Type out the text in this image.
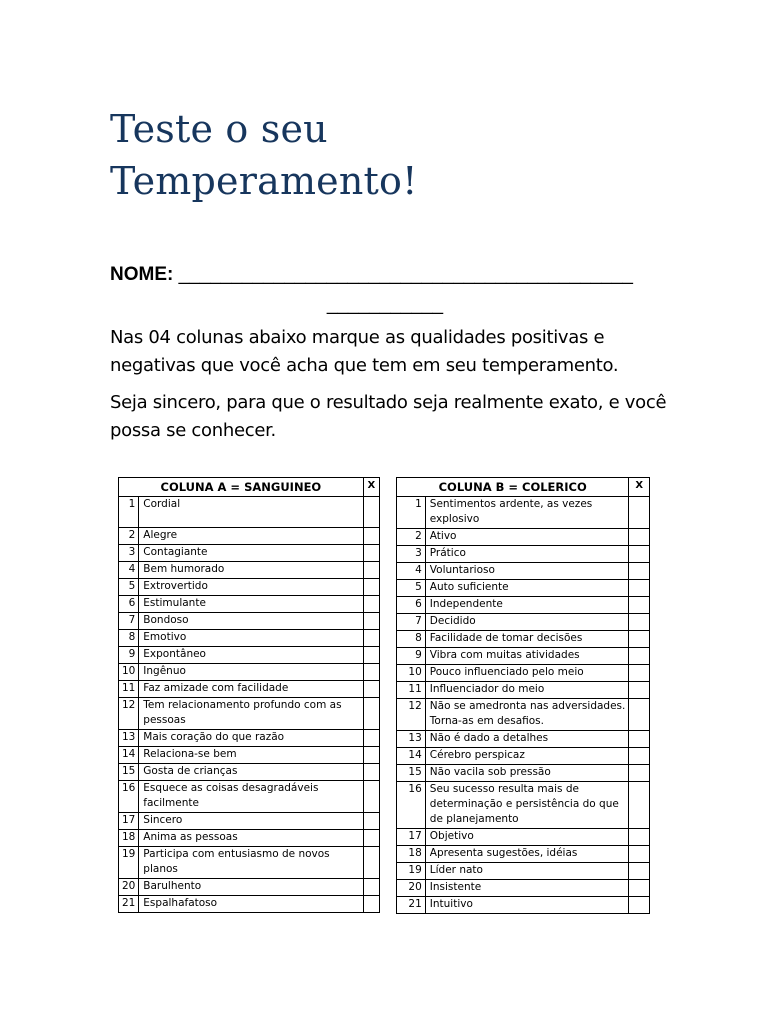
Teste o seu
Temperamento!
NOME: ___________________________________________
___________
Nas 04 colunas abaixo marque as qualidades positivas e negativas que você acha que tem em seu temperamento.
Seja sincero, para que o resultado seja realmente exato, e você possa se conhecer.
COLUNA A = SANGUINEO		X
1	Cordial	
2	Alegre	
3	Contagiante	
4	Bem humorado	
5	Extrovertido	
6	Estimulante	
7	Bondoso	
8	Emotivo	
9	Expontâneo	
10	Ingênuo	
11	Faz amizade com facilidade	
12	Tem relacionamento profundo com as pessoas	
13	Mais coração do que razão	
14	Relaciona-se bem	
15	Gosta de crianças	
16	Esquece as coisas desagradáveis facilmente	
17	Sincero	
18	Anima as pessoas	
19	Participa com entusiasmo de novos planos	
20	Barulhento	
21	Espalhafatoso	
COLUNA B = COLERICO		X
1	Sentimentos ardente, as vezes explosivo	
2	Ativo	
3	Prático	
4	Voluntarioso	
5	Auto suficiente	
6	Independente	
7	Decidido	
8	Facilidade de tomar decisões	
9	Vibra com muitas atividades	
10	Pouco influenciado pelo meio	
11	Influenciador do meio	
12	Não se amedronta nas adversidades. Torna-as em desafios.	
13	Não é dado a detalhes	
14	Cérebro perspicaz	
15	Não vacila sob pressão	
16	Seu sucesso resulta mais de determinação e persistência do que de planejamento	
17	Objetivo	
18	Apresenta sugestões, idéias	
19	Líder nato	
20	Insistente	
21	Intuitivo	
